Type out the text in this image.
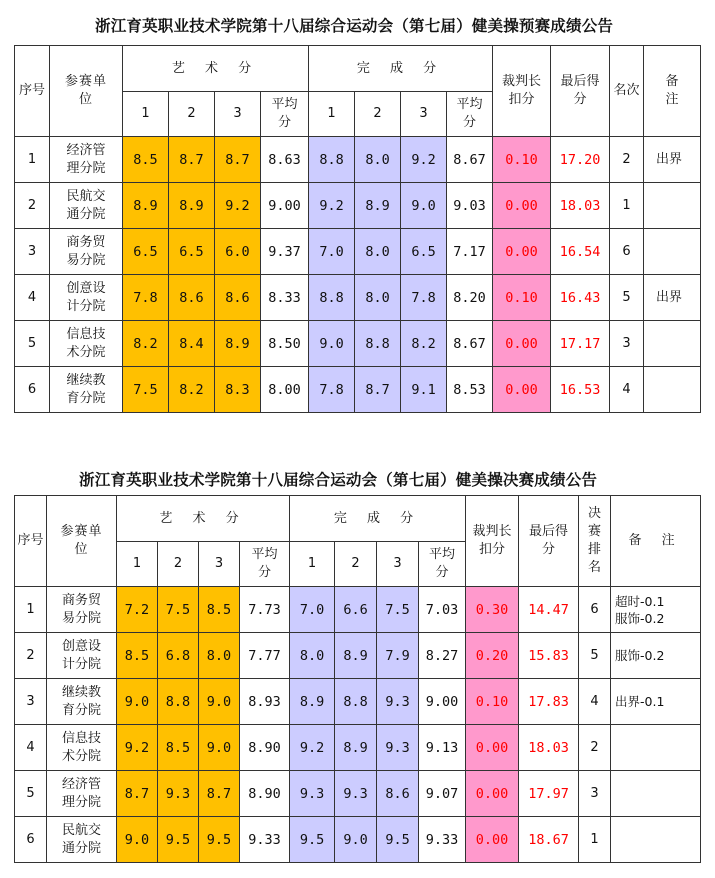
浙江育英职业技术学院第十八届综合运动会（第七届）健美操预赛成绩公告
序号	参赛单位	艺 术 分				完 成 分				裁判长扣分	最后得分	名次	备注
		1	2	3	平均分	1	2	3	平均分				
1	经济管理分院	8.5	8.7	8.7	8.63	8.8	8.0	9.2	8.67	0.10	17.20	2	出界
2	民航交通分院	8.9	8.9	9.2	9.00	9.2	8.9	9.0	9.03	0.00	18.03	1	
3	商务贸易分院	6.5	6.5	6.0	9.37	7.0	8.0	6.5	7.17	0.00	16.54	6	
4	创意设计分院	7.8	8.6	8.6	8.33	8.8	8.0	7.8	8.20	0.10	16.43	5	出界
5	信息技术分院	8.2	8.4	8.9	8.50	9.0	8.8	8.2	8.67	0.00	17.17	3	
6	继续教育分院	7.5	8.2	8.3	8.00	7.8	8.7	9.1	8.53	0.00	16.53	4	
浙江育英职业技术学院第十八届综合运动会（第七届）健美操决赛成绩公告
序号	参赛单位	艺 术 分				完 成 分				裁判长扣分	最后得分	决赛排名	备 注
		1	2	3	平均分	1	2	3	平均分				
1	商务贸易分院	7.2	7.5	8.5	7.73	7.0	6.6	7.5	7.03	0.30	14.47	6	超时-0.1
服饰-0.2

2	创意设计分院	8.5	6.8	8.0	7.77	8.0	8.9	7.9	8.27	0.20	15.83	5	服饰-0.2

3	继续教育分院	9.0	8.8	9.0	8.93	8.9	8.8	9.3	9.00	0.10	17.83	4	出界-0.1

4	信息技术分院	9.2	8.5	9.0	8.90	9.2	8.9	9.3	9.13	0.00	18.03	2	

5	经济管理分院	8.7	9.3	8.7	8.90	9.3	9.3	8.6	9.07	0.00	17.97	3	

6	民航交通分院	9.0	9.5	9.5	9.33	9.5	9.0	9.5	9.33	0.00	18.67	1	
